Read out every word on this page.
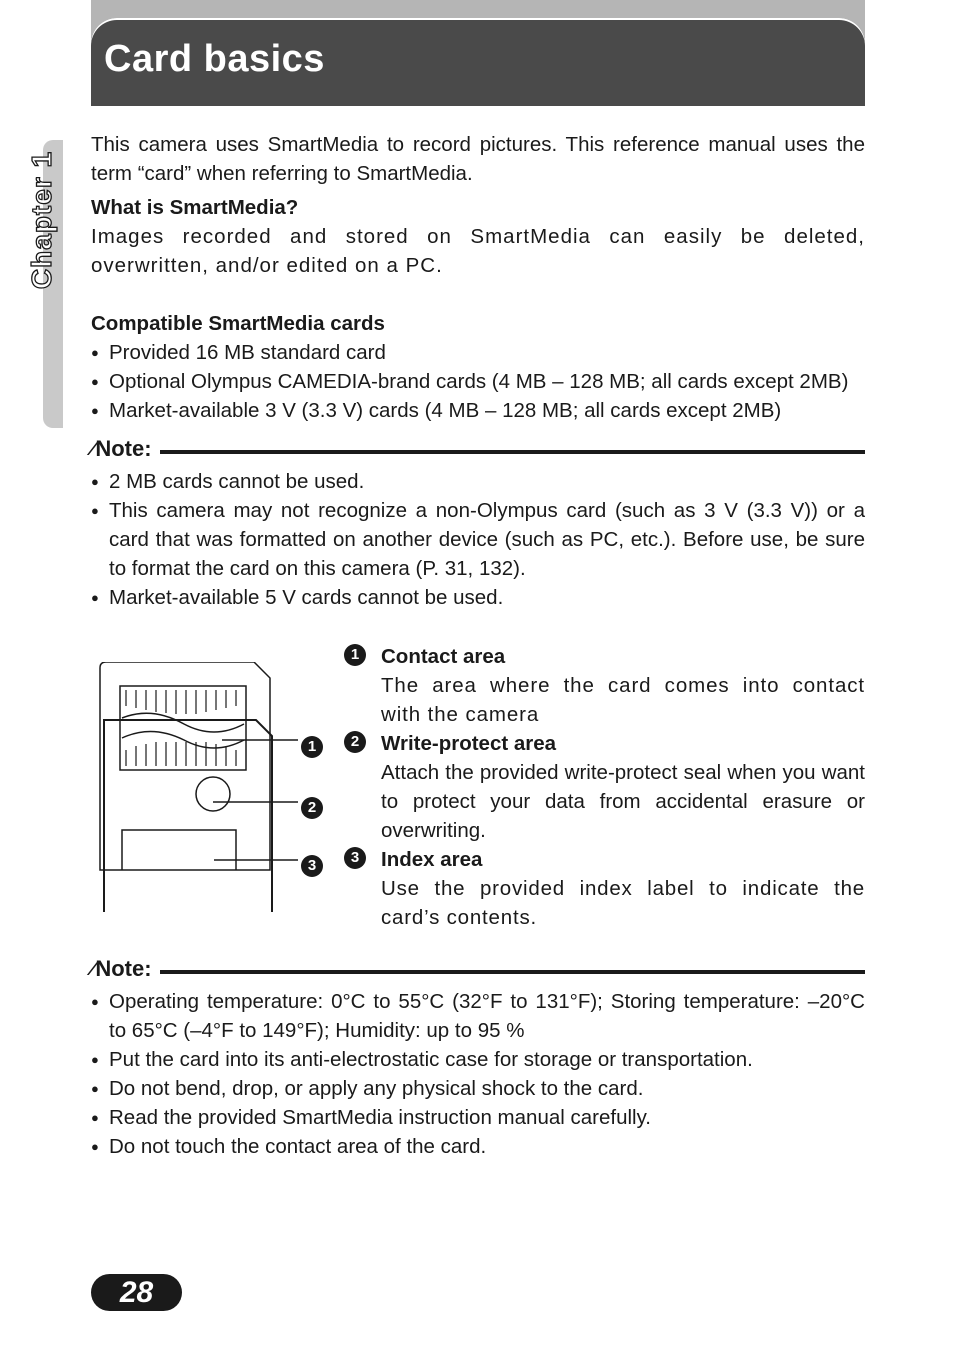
Card basics
Chapter 1

This camera uses SmartMedia to record pictures. This reference manual uses the term “card” when referring to SmartMedia.

What is SmartMedia?

Images recorded and stored on SmartMedia can easily be deleted, overwritten, and/or edited on a PC.

Compatible SmartMedia cards

● Provided 16 MB standard card
● Optional Olympus CAMEDIA-brand cards (4 MB – 128 MB; all cards except 2MB)
● Market-available 3 V (3.3 V) cards (4 MB – 128 MB; all cards except 2MB)
∕ Note:
● 2 MB cards cannot be used.
● This camera may not recognize a non-Olympus card (such as 3 V (3.3 V)) or a card that was formatted on another device (such as PC, etc.). Before use, be sure to format the card on this camera (P. 31, 132).
● Market-available 5 V cards cannot be used.
1
2
3
1	Contact area
The area where the card comes into contact with the camera
2	Write-protect area
Attach the provided write-protect seal when you want to protect your data from accidental erasure or overwriting.
3	Index area
Use the provided index label to indicate the card’s contents.
∕ Note:
● Operating temperature: 0°C to 55°C (32°F to 131°F); Storing temperature: –20°C to 65°C (–4°F to 149°F); Humidity: up to 95 %
● Put the card into its anti-electrostatic case for storage or transportation.
● Do not bend, drop, or apply any physical shock to the card.
● Read the provided SmartMedia instruction manual carefully.
● Do not touch the contact area of the card.
28
